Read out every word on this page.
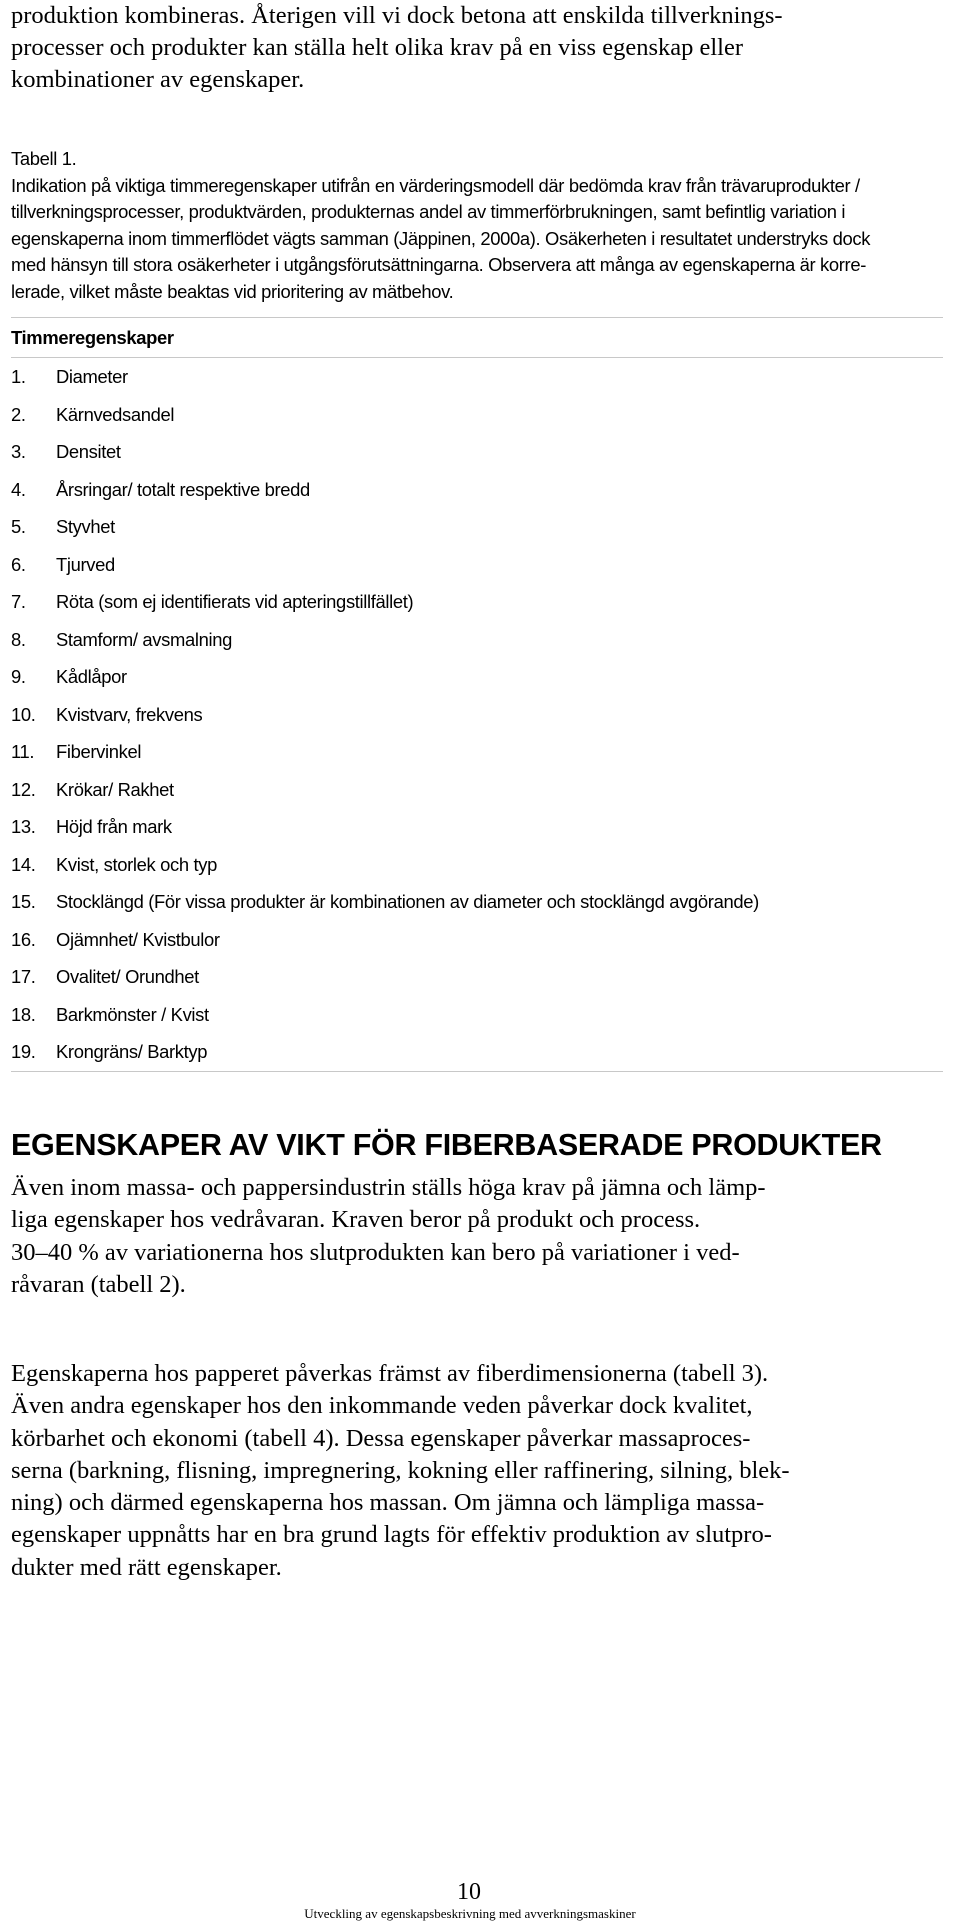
produktion kombineras. Återigen vill vi dock betona att enskilda tillverknings-
processer och produkter kan ställa helt olika krav på en viss egenskap eller
kombinationer av egenskaper.
Tabell 1.
Indikation på viktiga timmeregenskaper utifrån en värderingsmodell där bedömda krav från trävaruprodukter /
tillverkningsprocesser, produktvärden, produkternas andel av timmerförbrukningen, samt befintlig variation i
egenskaperna inom timmerflödet vägts samman (Jäppinen, 2000a). Osäkerheten i resultatet understryks dock
med hänsyn till stora osäkerheter i utgångsförutsättningarna. Observera att många av egenskaperna är korre-
lerade, vilket måste beaktas vid prioritering av mätbehov.
Timmeregenskaper
1. Diameter
2. Kärnvedsandel
3. Densitet
4. Årsringar/ totalt respektive bredd
5. Styvhet
6. Tjurved
7. Röta (som ej identifierats vid apteringstillfället)
8. Stamform/ avsmalning
9. Kådlåpor
10. Kvistvarv, frekvens
11. Fibervinkel
12. Krökar/ Rakhet
13. Höjd från mark
14. Kvist, storlek och typ
15. Stocklängd (För vissa produkter är kombinationen av diameter och stocklängd avgörande)
16. Ojämnhet/ Kvistbulor
17. Ovalitet/ Orundhet
18. Barkmönster / Kvist
19. Krongräns/ Barktyp
EGENSKAPER AV VIKT FÖR FIBERBASERADE PRODUKTER
Även inom massa- och pappersindustrin ställs höga krav på jämna och lämp-
liga egenskaper hos vedråvaran. Kraven beror på produkt och process.
30–40 % av variationerna hos slutprodukten kan bero på variationer i ved-
råvaran (tabell 2).
Egenskaperna hos papperet påverkas främst av fiberdimensionerna (tabell 3).
Även andra egenskaper hos den inkommande veden påverkar dock kvalitet,
körbarhet och ekonomi (tabell 4). Dessa egenskaper påverkar massaproces-
serna (barkning, flisning, impregnering, kokning eller raffinering, silning, blek-
ning) och därmed egenskaperna hos massan. Om jämna och lämpliga massa-
egenskaper uppnåtts har en bra grund lagts för effektiv produktion av slutpro-
dukter med rätt egenskaper.
10
Utveckling av egenskapsbeskrivning med avverkningsmaskiner
